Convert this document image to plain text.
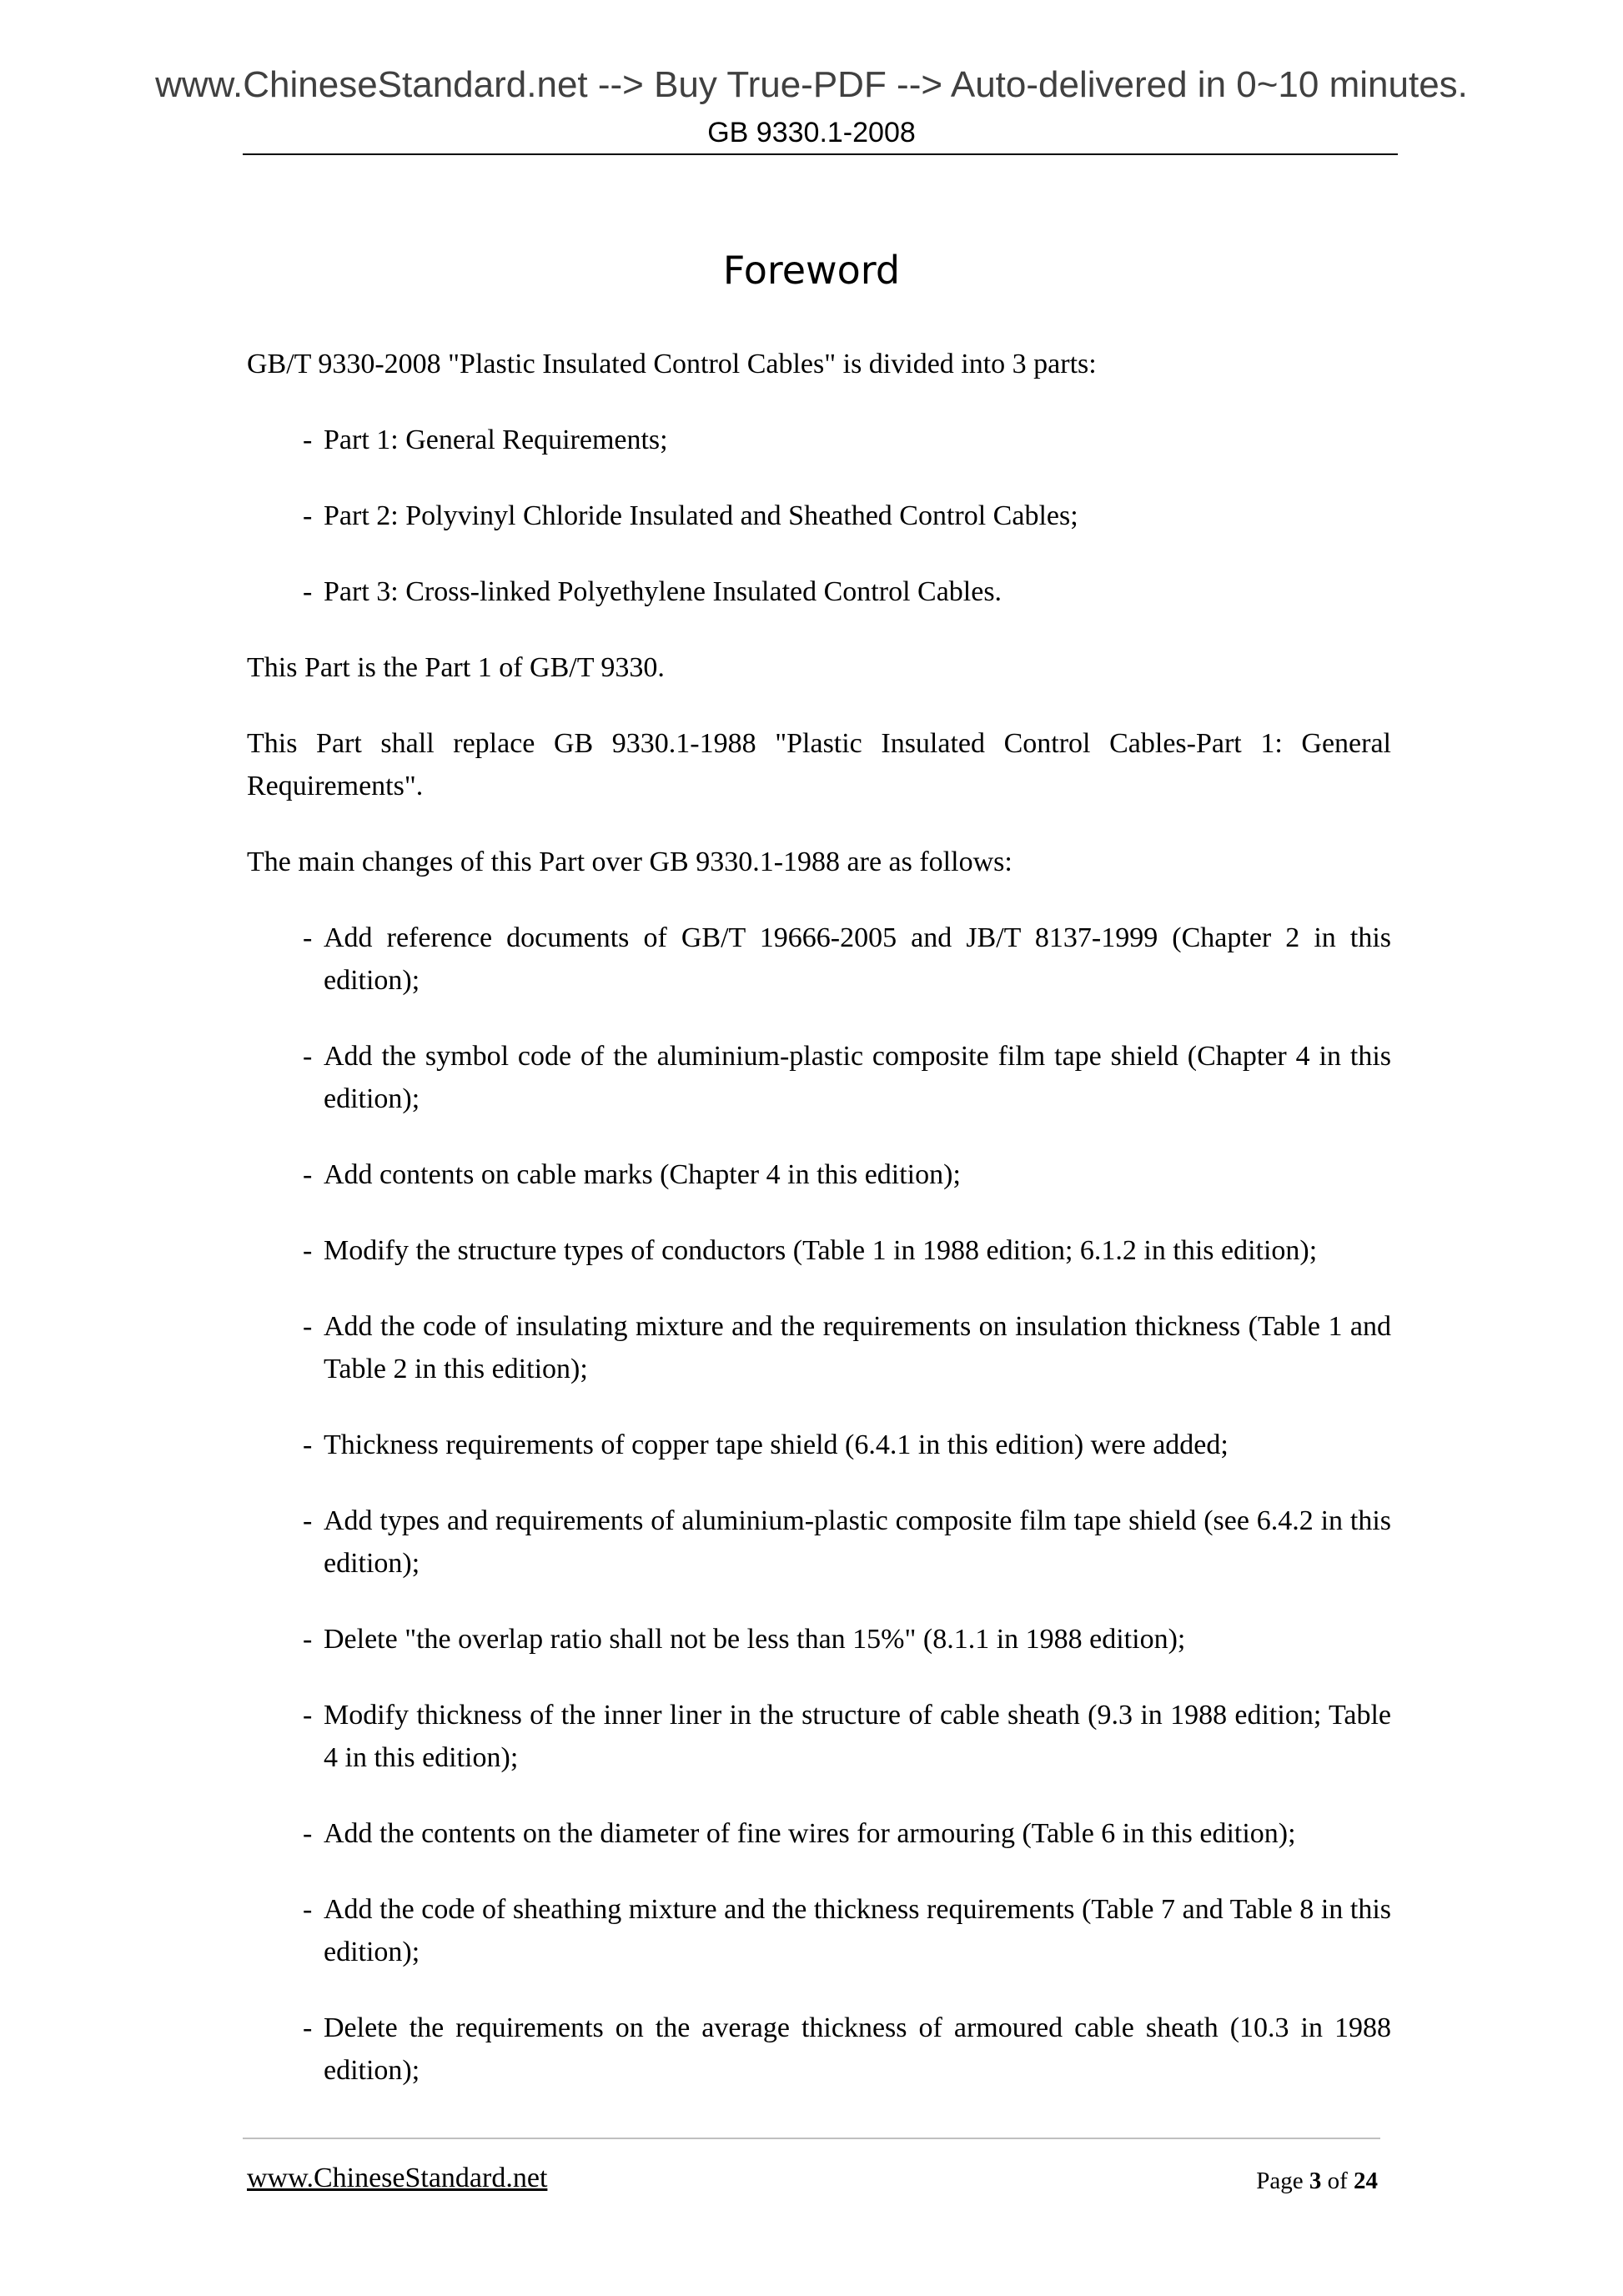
www.ChineseStandard.net --> Buy True-PDF --> Auto-delivered in 0~10 minutes.
GB 9330.1-2008
Foreword

GB/T 9330-2008 "Plastic Insulated Control Cables" is divided into 3 parts:

- Part 1: General Requirements;
- Part 2: Polyvinyl Chloride Insulated and Sheathed Control Cables;
- Part 3: Cross-linked Polyethylene Insulated Control Cables.

This Part is the Part 1 of GB/T 9330.

This Part shall replace GB 9330.1-1988 "Plastic Insulated Control Cables-Part 1: General Requirements".

The main changes of this Part over GB 9330.1-1988 are as follows:

- Add reference documents of GB/T 19666-2005 and JB/T 8137-1999 (Chapter 2 in this edition);
- Add the symbol code of the aluminium-plastic composite film tape shield (Chapter 4 in this edition);
- Add contents on cable marks (Chapter 4 in this edition);
- Modify the structure types of conductors (Table 1 in 1988 edition; 6.1.2 in this edition);
- Add the code of insulating mixture and the requirements on insulation thickness (Table 1 and Table 2 in this edition);
- Thickness requirements of copper tape shield (6.4.1 in this edition) were added;
- Add types and requirements of aluminium-plastic composite film tape shield (see 6.4.2 in this edition);
- Delete "the overlap ratio shall not be less than 15%" (8.1.1 in 1988 edition);
- Modify thickness of the inner liner in the structure of cable sheath (9.3 in 1988 edition; Table 4 in this edition);
- Add the contents on the diameter of fine wires for armouring (Table 6 in this edition);
- Add the code of sheathing mixture and the thickness requirements (Table 7 and Table 8 in this edition);
- Delete the requirements on the average thickness of armoured cable sheath (10.3 in 1988 edition);
www.ChineseStandard.net	Page 3 of 24
